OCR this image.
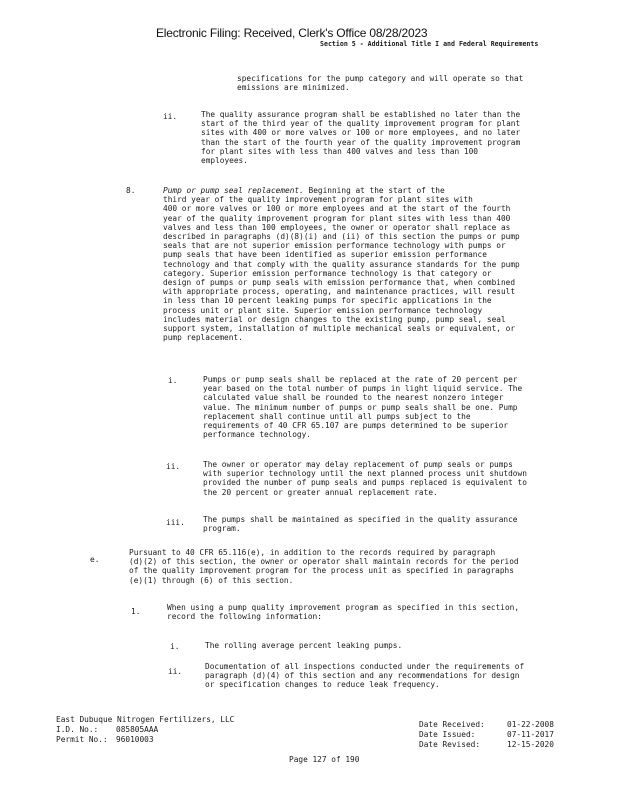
Electronic Filing: Received, Clerk's Office 08/28/2023
Section 5 - Additional Title I and Federal Requirements
specifications for the pump category and will operate so that
emissions are minimized.
ii.	The quality assurance program shall be established no later than the
start of the third year of the quality improvement program for plant
sites with 400 or more valves or 100 or more employees, and no later
than the start of the fourth year of the quality improvement program
for plant sites with less than 400 valves and less than 100
employees.
8.	Pump or pump seal replacement. Beginning at the start of the
third year of the quality improvement program for plant sites with
400 or more valves or 100 or more employees and at the start of the fourth
year of the quality improvement program for plant sites with less than 400
valves and less than 100 employees, the owner or operator shall replace as
described in paragraphs (d)(8)(i) and (ii) of this section the pumps or pump
seals that are not superior emission performance technology with pumps or
pump seals that have been identified as superior emission performance
technology and that comply with the quality assurance standards for the pump
category. Superior emission performance technology is that category or
design of pumps or pump seals with emission performance that, when combined
with appropriate process, operating, and maintenance practices, will result
in less than 10 percent leaking pumps for specific applications in the
process unit or plant site. Superior emission performance technology
includes material or design changes to the existing pump, pump seal, seal
support system, installation of multiple mechanical seals or equivalent, or
pump replacement.
i.	Pumps or pump seals shall be replaced at the rate of 20 percent per
year based on the total number of pumps in light liquid service. The
calculated value shall be rounded to the nearest nonzero integer
value. The minimum number of pumps or pump seals shall be one. Pump
replacement shall continue until all pumps subject to the
requirements of 40 CFR 65.107 are pumps determined to be superior
performance technology.
ii.	The owner or operator may delay replacement of pump seals or pumps
with superior technology until the next planned process unit shutdown
provided the number of pump seals and pumps replaced is equivalent to
the 20 percent or greater annual replacement rate.
iii. The pumps shall be maintained as specified in the quality assurance
program.
e.
Pursuant to 40 CFR 65.116(e), in addition to the records required by paragraph
(d)(2) of this section, the owner or operator shall maintain records for the period
of the quality improvement program for the process unit as specified in paragraphs
(e)(1) through (6) of this section.
1.	When using a pump quality improvement program as specified in this section,
record the following information:
i.	The rolling average percent leaking pumps.
ii.
Documentation of all inspections conducted under the requirements of
paragraph (d)(4) of this section and any recommendations for design
or specification changes to reduce leak frequency.
East Dubuque Nitrogen Fertilizers, LLC
I.D. No.: 085805AAA
Permit No.: 96010003
Date Received:	01-22-2008
Date Issued:	07-11-2017
Date Revised:	12-15-2020
Page 127 of 190
